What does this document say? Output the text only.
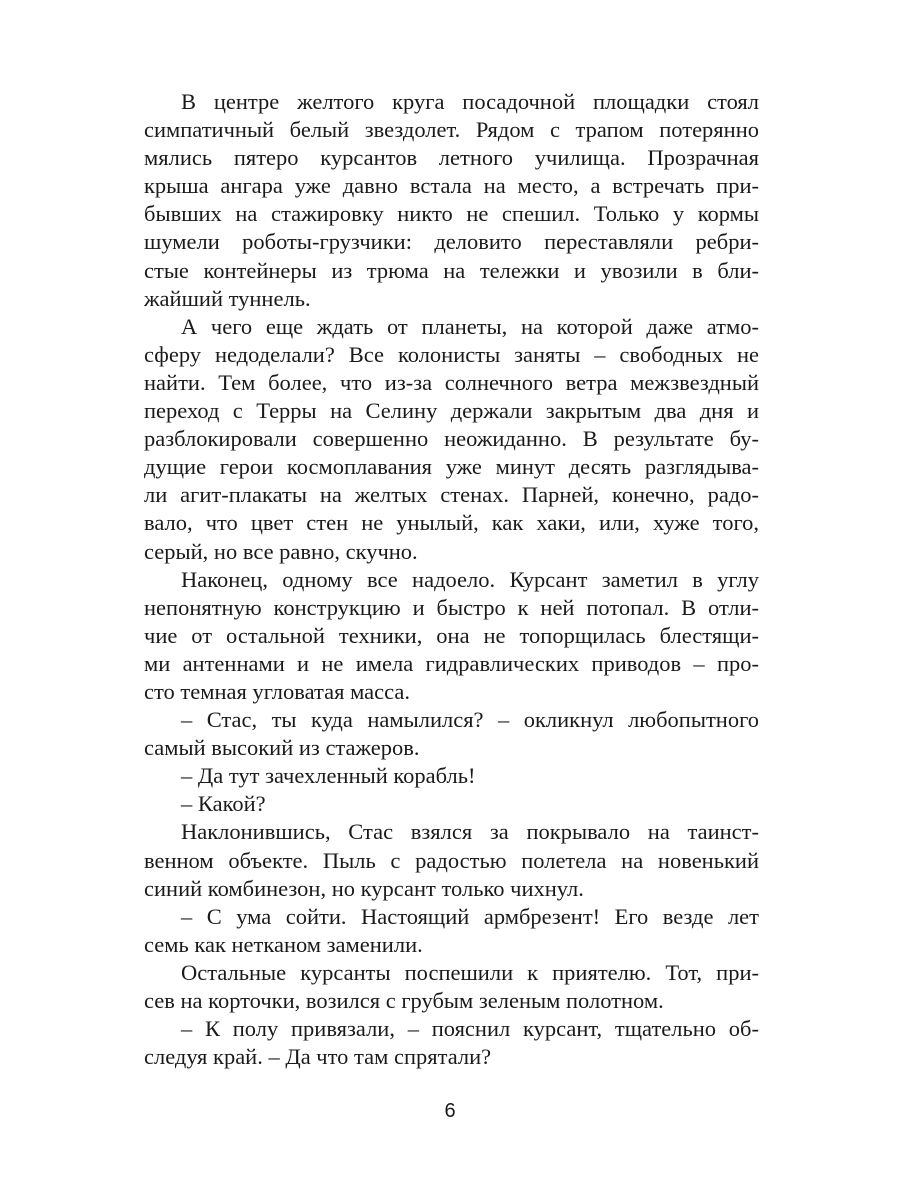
В центре желтого круга посадочной площадки стоял
симпатичный белый звездолет. Рядом с трапом потерянно
мялись пятеро курсантов летного училища. Прозрачная
крыша ангара уже давно встала на место, а встречать при-
бывших на стажировку никто не спешил. Только у кормы
шумели роботы-грузчики: деловито переставляли ребри-
стые контейнеры из трюма на тележки и увозили в бли-
жайший туннель.
А чего еще ждать от планеты, на которой даже атмо-
сферу недоделали? Все колонисты заняты – свободных не
найти. Тем более, что из-за солнечного ветра межзвездный
переход с Терры на Селину держали закрытым два дня и
разблокировали совершенно неожиданно. В результате бу-
дущие герои космоплавания уже минут десять разглядыва-
ли агит-плакаты на желтых стенах. Парней, конечно, радо-
вало, что цвет стен не унылый, как хаки, или, хуже того,
серый, но все равно, скучно.
Наконец, одному все надоело. Курсант заметил в углу
непонятную конструкцию и быстро к ней потопал. В отли-
чие от остальной техники, она не топорщилась блестящи-
ми антеннами и не имела гидравлических приводов – про-
сто темная угловатая масса.
– Стас, ты куда намылился? – окликнул любопытного
самый высокий из стажеров.
– Да тут зачехленный корабль!
– Какой?
Наклонившись, Стас взялся за покрывало на таинст-
венном объекте. Пыль с радостью полетела на новенький
синий комбинезон, но курсант только чихнул.
– С ума сойти. Настоящий армбрезент! Его везде лет
семь как нетканом заменили.
Остальные курсанты поспешили к приятелю. Тот, при-
сев на корточки, возился с грубым зеленым полотном.
– К полу привязали, – пояснил курсант, тщательно об-
следуя край. – Да что там спрятали?
6
